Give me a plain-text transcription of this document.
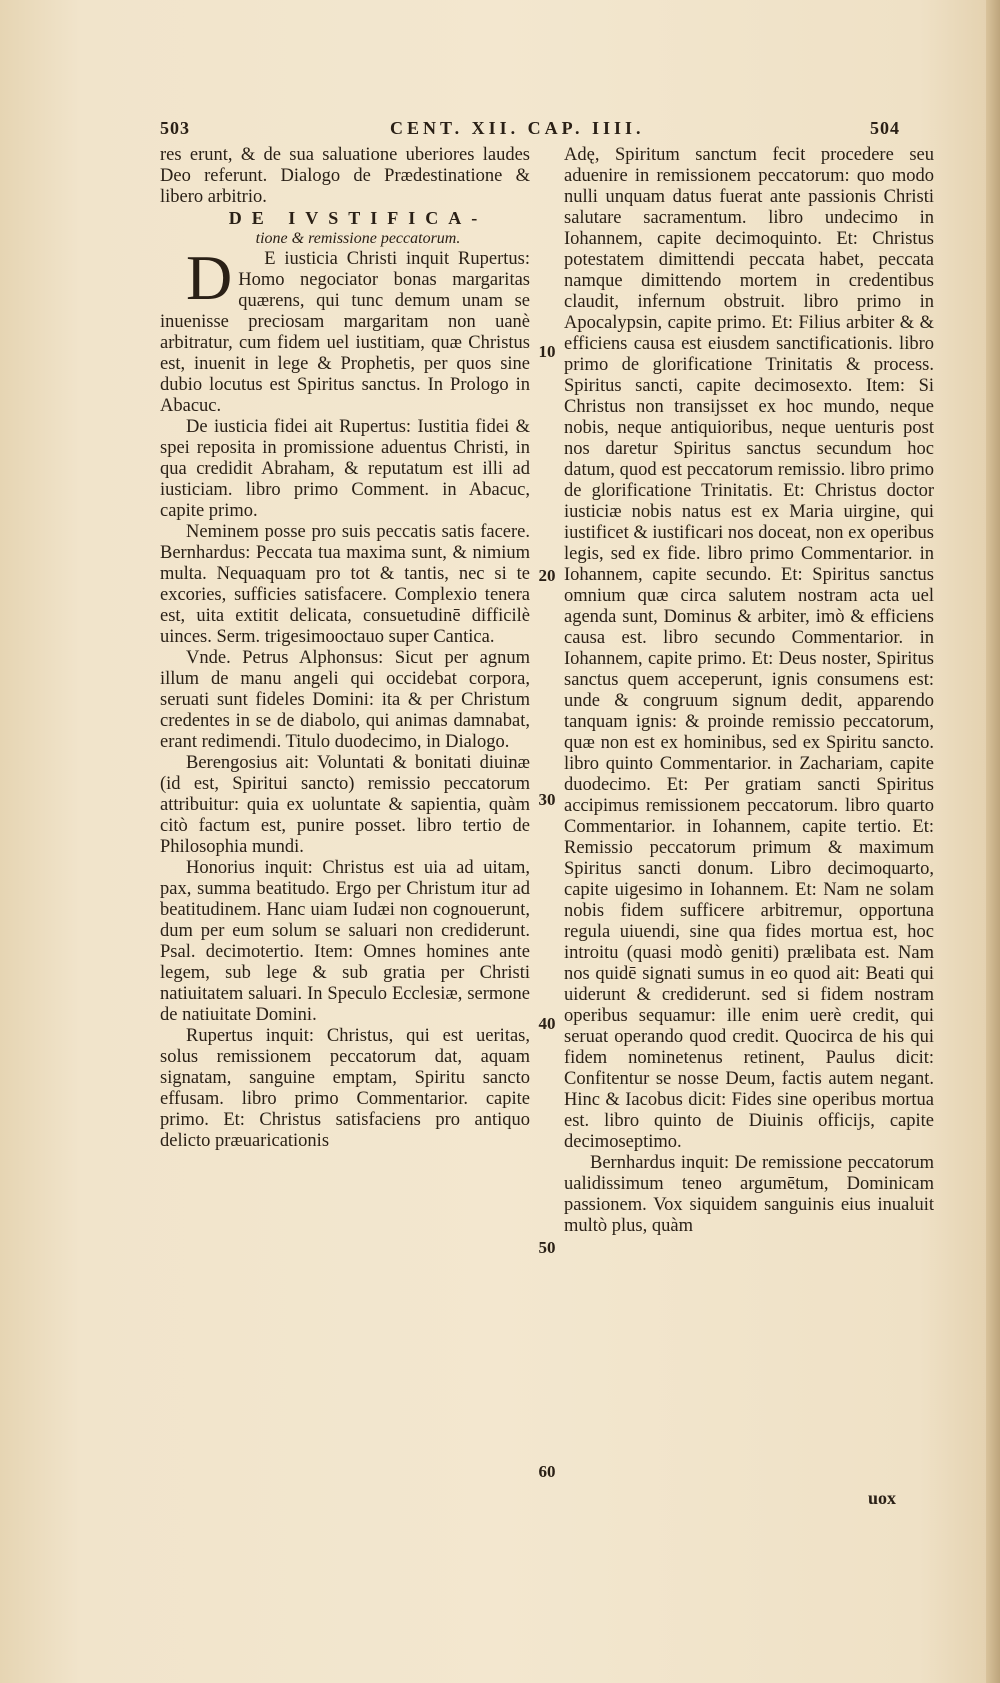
503	CENT. XII. CAP. IIII.	504

res erunt, & de sua saluatione uberiores laudes Deo referunt. Dialogo de Prædestinatione & libero arbitrio.

DE IVSTIFICA-

tione & remissione peccatorum.

D E iusticia Christi inquit Rupertus: Homo negociator bonas margaritas quærens, qui tunc demum unam se inuenisse preciosam margaritam non uanè arbitratur, cum fidem uel iustitiam, quæ Christus est, inuenit in lege & Prophetis, per quos sine dubio locutus est Spiritus sanctus. In Prologo in Abacuc.

De iusticia fidei ait Rupertus: Iustitia fidei & spei reposita in promissione aduentus Christi, in qua credidit Abraham, & reputatum est illi ad iusticiam. libro primo Comment. in Abacuc, capite primo.

Neminem posse pro suis peccatis satis facere. Bernhardus: Peccata tua maxima sunt, & nimium multa. Nequaquam pro tot & tantis, nec si te excories, sufficies satisfacere. Complexio tenera est, uita extitit delicata, consuetudinē difficilè uinces. Serm. trigesimooctauo super Cantica.

Vnde. Petrus Alphonsus: Sicut per agnum illum de manu angeli qui occidebat corpora, seruati sunt fideles Domini: ita & per Christum credentes in se de diabolo, qui animas damnabat, erant redimendi. Titulo duodecimo, in Dialogo.

Berengosius ait: Voluntati & bonitati diuinæ (id est, Spiritui sancto) remissio peccatorum attribuitur: quia ex uoluntate & sapientia, quàm citò factum est, punire posset. libro tertio de Philosophia mundi.

Honorius inquit: Christus est uia ad uitam, pax, summa beatitudo. Ergo per Christum itur ad beatitudinem. Hanc uiam Iudæi non cognouerunt, dum per eum solum se saluari non crediderunt. Psal. decimotertio. Item: Omnes homines ante legem, sub lege & sub gratia per Christi natiuitatem saluari. In Speculo Ecclesiæ, sermone de natiuitate Domini.

Rupertus inquit: Christus, qui est ueritas, solus remissionem peccatorum dat, aquam signatam, sanguine emptam, Spiritu sancto effusam. libro primo Commentarior. capite primo. Et: Christus satisfaciens pro antiquo delicto præuaricationis

10
20
30
40
50
60

Adę, Spiritum sanctum fecit procedere seu aduenire in remissionem peccatorum: quo modo nulli unquam datus fuerat ante passionis Christi salutare sacramentum. libro undecimo in Iohannem, capite decimoquinto. Et: Christus potestatem dimittendi peccata habet, peccata namque dimittendo mortem in credentibus claudit, infernum obstruit. libro primo in Apocalypsin, capite primo. Et: Filius arbiter & & efficiens causa est eiusdem sanctificationis. libro primo de glorificatione Trinitatis & process. Spiritus sancti, capite decimosexto. Item: Si Christus non transijsset ex hoc mundo, neque nobis, neque antiquioribus, neque uenturis post nos daretur Spiritus sanctus secundum hoc datum, quod est peccatorum remissio. libro primo de glorificatione Trinitatis. Et: Christus doctor iusticiæ nobis natus est ex Maria uirgine, qui iustificet & iustificari nos doceat, non ex operibus legis, sed ex fide. libro primo Commentarior. in Iohannem, capite secundo. Et: Spiritus sanctus omnium quæ circa salutem nostram acta uel agenda sunt, Dominus & arbiter, imò & efficiens causa est. libro secundo Commentarior. in Iohannem, capite primo. Et: Deus noster, Spiritus sanctus quem acceperunt, ignis consumens est: unde & congruum signum dedit, apparendo tanquam ignis: & proinde remissio peccatorum, quæ non est ex hominibus, sed ex Spiritu sancto. libro quinto Commentarior. in Zachariam, capite duodecimo. Et: Per gratiam sancti Spiritus accipimus remissionem peccatorum. libro quarto Commentarior. in Iohannem, capite tertio. Et: Remissio peccatorum primum & maximum Spiritus sancti donum. Libro decimoquarto, capite uigesimo in Iohannem. Et: Nam ne solam nobis fidem sufficere arbitremur, opportuna regula uiuendi, sine qua fides mortua est, hoc introitu (quasi modò geniti) prælibata est. Nam nos quidē signati sumus in eo quod ait: Beati qui uiderunt & crediderunt. sed si fidem nostram operibus sequamur: ille enim uerè credit, qui seruat operando quod credit. Quocirca de his qui fidem nominetenus retinent, Paulus dicit: Confitentur se nosse Deum, factis autem negant. Hinc & Iacobus dicit: Fides sine operibus mortua est. libro quinto de Diuinis officijs, capite decimoseptimo.

Bernhardus inquit: De remissione peccatorum ualidissimum teneo argumētum, Dominicam passionem. Vox siquidem sanguinis eius inualuit multò plus, quàm

uox
